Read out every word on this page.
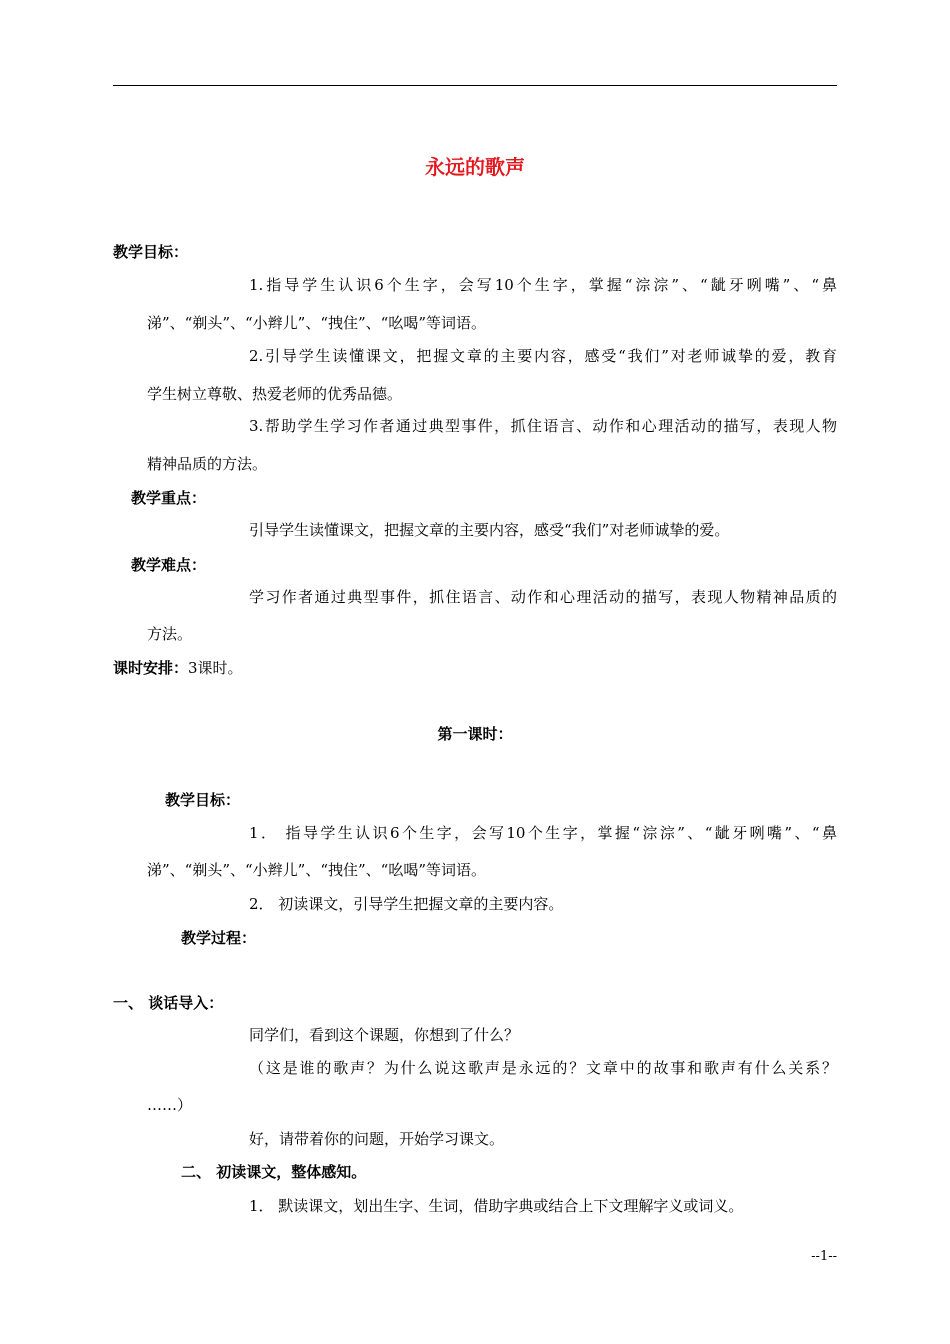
永远的歌声
教学目标：
1.指导学生认识6个生字，会写10个生字，掌握“淙淙”、“龇牙咧嘴”、“鼻
涕”、“剃头”、“小辫儿”、“拽住”、“吆喝”等词语。
2.引导学生读懂课文，把握文章的主要内容，感受“我们”对老师诚挚的爱，教育
学生树立尊敬、热爱老师的优秀品德。
3.帮助学生学习作者通过典型事件，抓住语言、动作和心理活动的描写，表现人物
精神品质的方法。
教学重点：
引导学生读懂课文，把握文章的主要内容，感受“我们”对老师诚挚的爱。
教学难点：
学习作者通过典型事件，抓住语言、动作和心理活动的描写，表现人物精神品质的
方法。
课时安排：3课时。
第一课时：
教学目标：
1． 指导学生认识6个生字，会写10个生字，掌握“淙淙”、“龇牙咧嘴”、“鼻
涕”、“剃头”、“小辫儿”、“拽住”、“吆喝”等词语。
2． 初读课文，引导学生把握文章的主要内容。
教学过程：
一、 谈话导入：
同学们，看到这个课题，你想到了什么？
（这是谁的歌声？为什么说这歌声是永远的？文章中的故事和歌声有什么关系？
……）
好，请带着你的问题，开始学习课文。
二、 初读课文，整体感知。
1． 默读课文，划出生字、生词，借助字典或结合上下文理解字义或词义。
--1--
